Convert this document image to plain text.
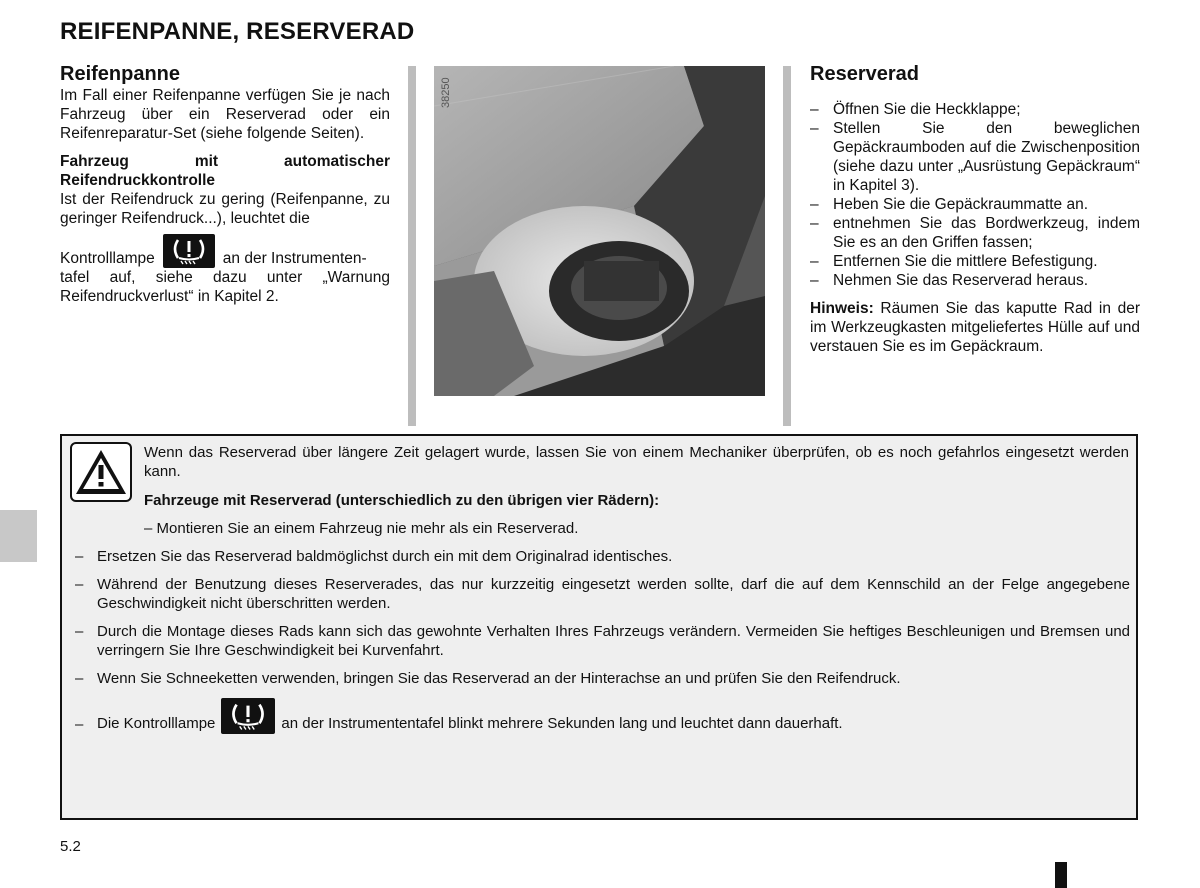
REIFENPANNE, RESERVERAD
Reifenpanne

Im Fall einer Reifenpanne verfügen Sie je nach Fahrzeug über ein Reserverad oder ein Reifenreparatur-Set (siehe folgende Seiten).

Fahrzeug mit automatischer Reifendruckkontrolle

Ist der Reifendruck zu gering (Reifenpanne, zu geringer Reifendruck...), leuchtet die

Kontrolllampe	an der Instrumenten-

tafel auf, siehe dazu unter „Warnung Reifendruckverlust“ in Kapitel 2.

38250
Reserverad
– Öffnen Sie die Heckklappe;
– Stellen Sie den beweglichen Gepäckraumboden auf die Zwischenposition (siehe dazu unter „Ausrüstung Gepäckraum“ in Kapitel 3).
– Heben Sie die Gepäckraummatte an.
– entnehmen Sie das Bordwerkzeug, indem Sie es an den Griffen fassen;
– Entfernen Sie die mittlere Befestigung.
– Nehmen Sie das Reserverad heraus.

Hinweis: Räumen Sie das kaputte Rad in der im Werkzeugkasten mitgeliefertes Hülle auf und verstauen Sie es im Gepäckraum.

Wenn das Reserverad über längere Zeit gelagert wurde, lassen Sie von einem Mechaniker überprüfen, ob es noch gefahrlos eingesetzt werden kann.
Fahrzeuge mit Reserverad (unterschiedlich zu den übrigen vier Rädern):
– Montieren Sie an einem Fahrzeug nie mehr als ein Reserverad.
– Ersetzen Sie das Reserverad baldmöglichst durch ein mit dem Originalrad identisches.
– Während der Benutzung dieses Reserverades, das nur kurzzeitig eingesetzt werden sollte, darf die auf dem Kennschild an der Felge angegebene Geschwindigkeit nicht überschritten werden.
– Durch die Montage dieses Rads kann sich das gewohnte Verhalten Ihres Fahrzeugs verändern. Vermeiden Sie heftiges Beschleunigen und Bremsen und verringern Sie Ihre Geschwindigkeit bei Kurvenfahrt.
– Wenn Sie Schneeketten verwenden, bringen Sie das Reserverad an der Hinterachse an und prüfen Sie den Reifendruck.
– Die Kontrolllampe	an der Instrumententafel blinkt mehrere Sekunden lang und leuchtet dann dauerhaft.
5.2
